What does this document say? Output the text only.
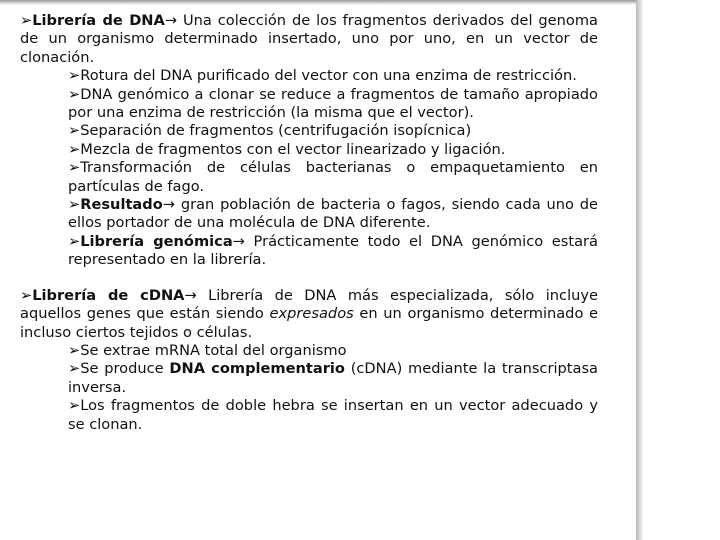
➢Librería de DNA→ Una colección de los fragmentos derivados del genoma de un organismo determinado insertado, uno por uno, en un vector de clonación.

➢Rotura del DNA purificado del vector con una enzima de restricción.

➢DNA genómico a clonar se reduce a fragmentos de tamaño apropiado por una enzima de restricción (la misma que el vector).

➢Separación de fragmentos (centrifugación isopícnica)

➢Mezcla de fragmentos con el vector linearizado y ligación.

➢Transformación de células bacterianas o empaquetamiento en partículas de fago.

➢Resultado→ gran población de bacteria o fagos, siendo cada uno de ellos portador de una molécula de DNA diferente.

➢Librería genómica→ Prácticamente todo el DNA genómico estará representado en la librería.

➢Librería de cDNA→ Librería de DNA más especializada, sólo incluye aquellos genes que están siendo expresados en un organismo determinado e incluso ciertos tejidos o células.

➢Se extrae mRNA total del organismo

➢Se produce DNA complementario (cDNA) mediante la transcriptasa inversa.

➢Los fragmentos de doble hebra se insertan en un vector adecuado y se clonan.
